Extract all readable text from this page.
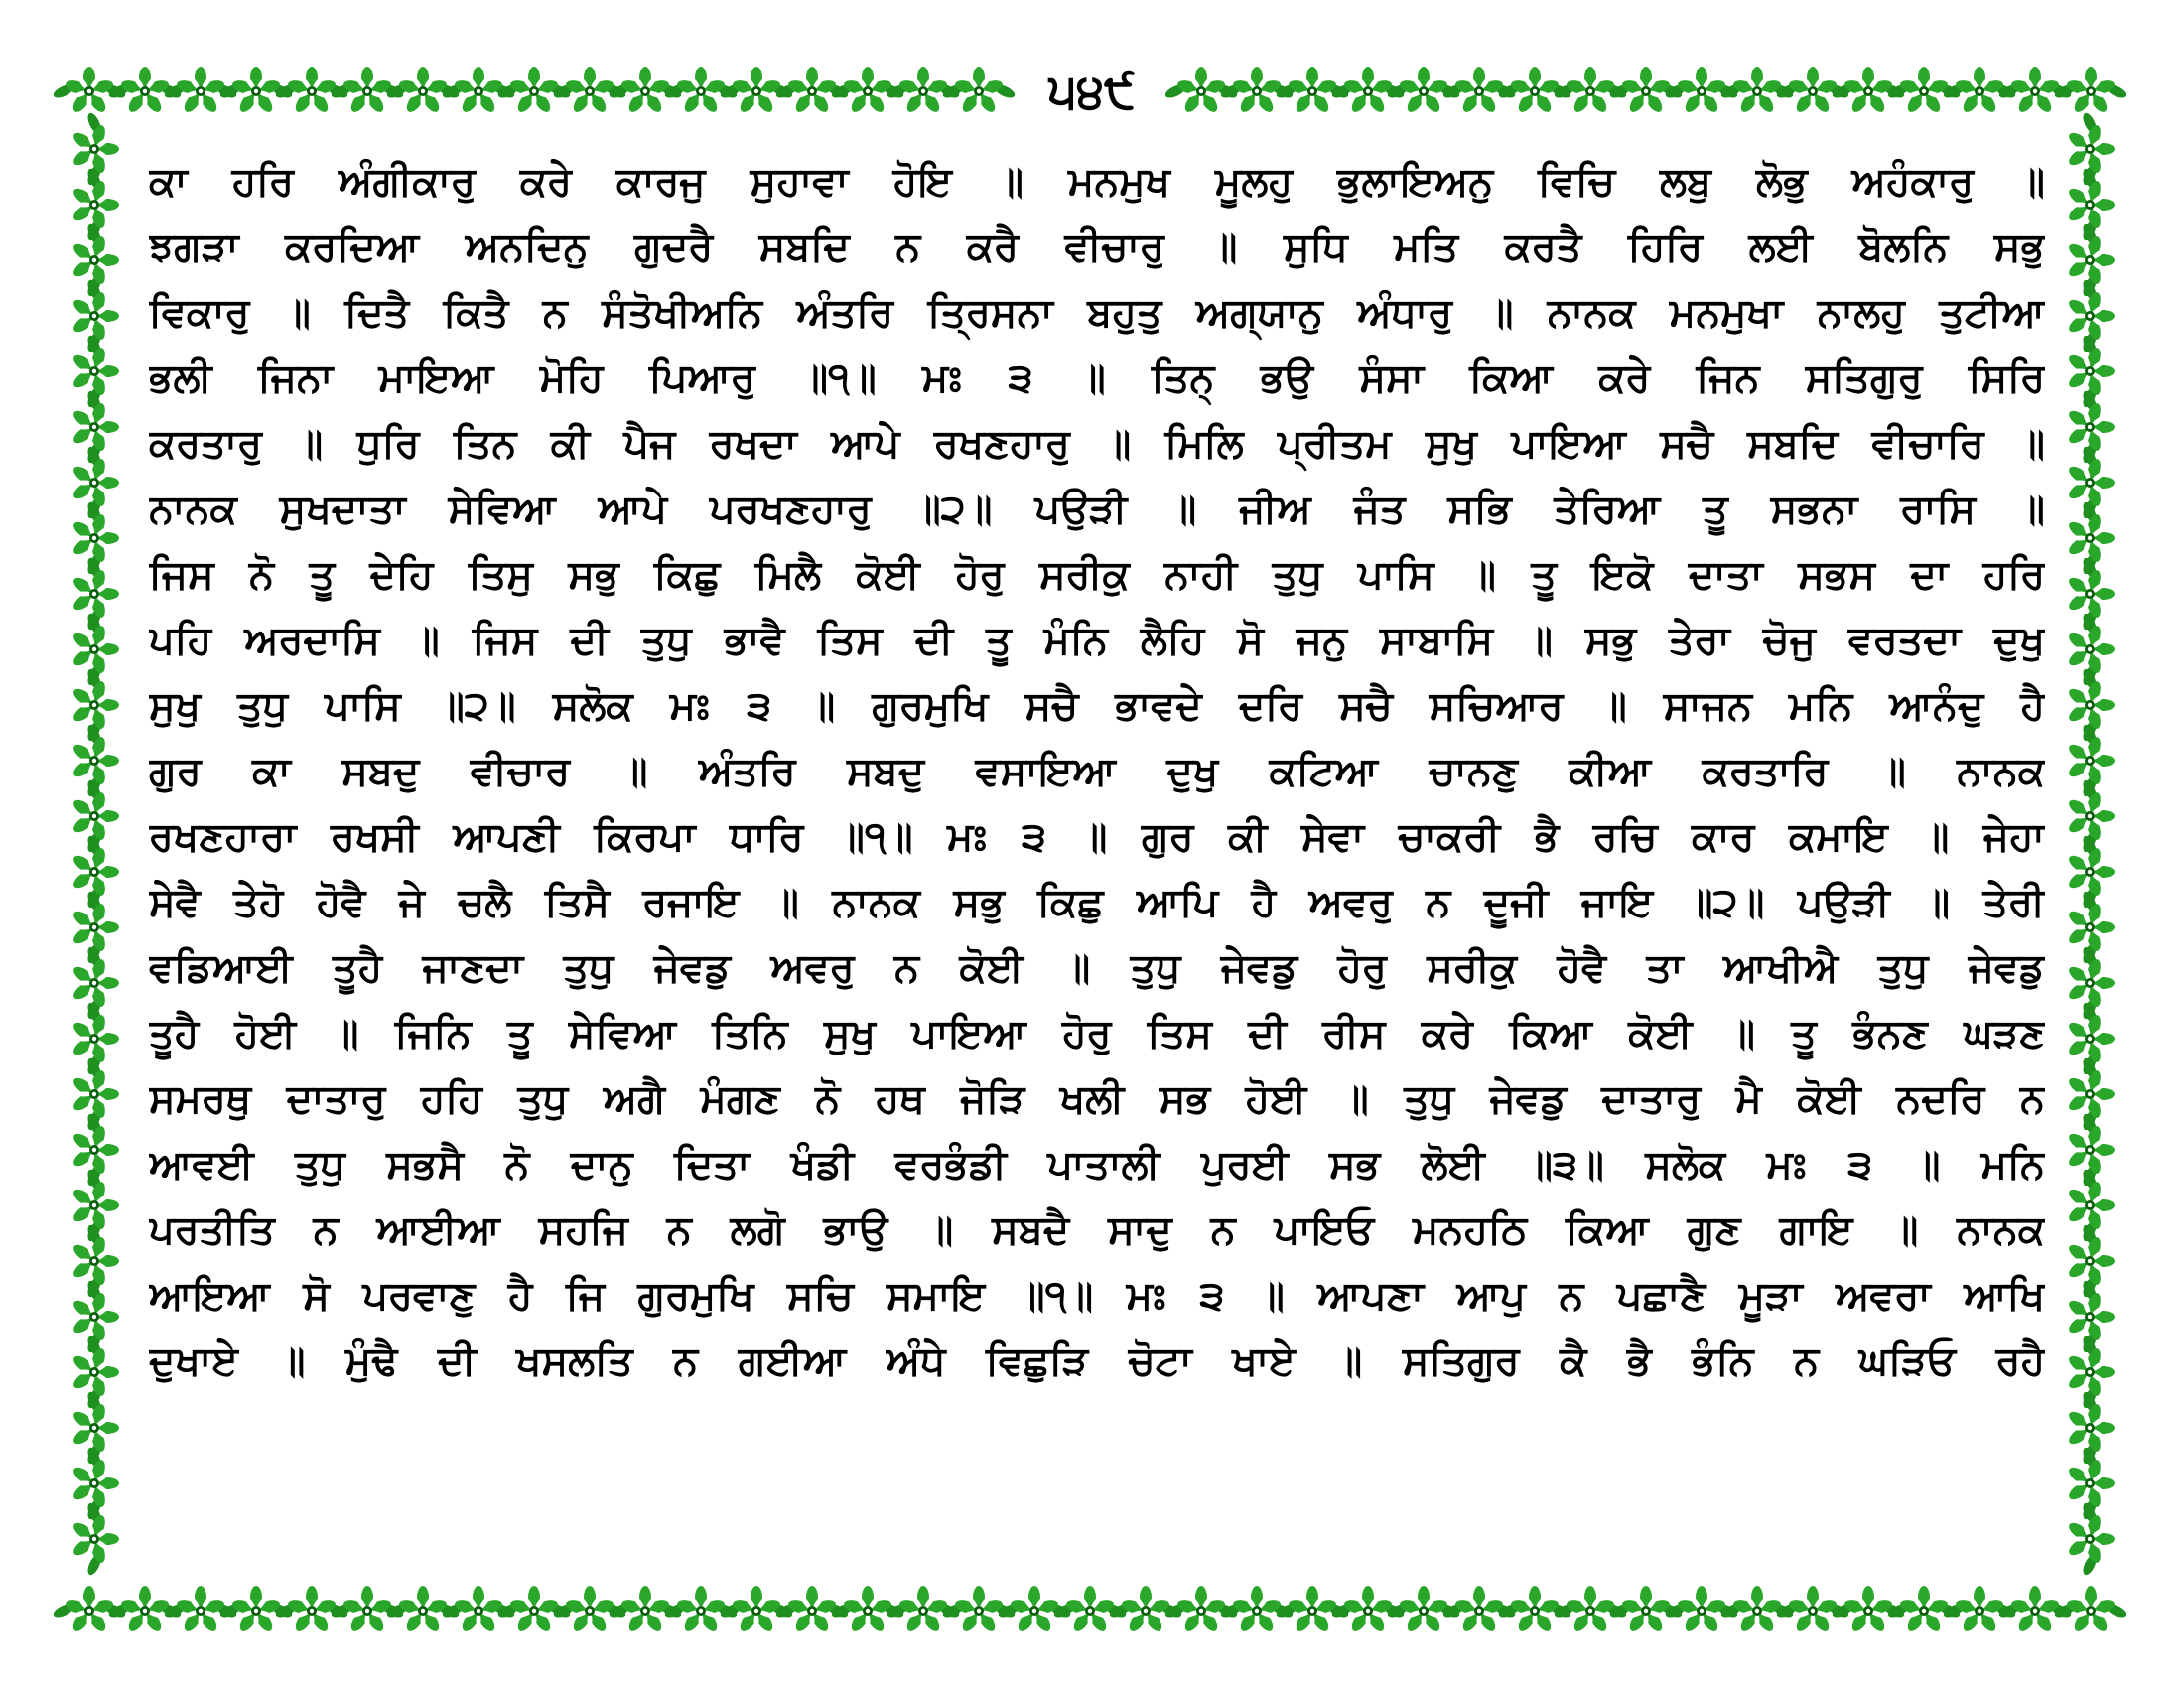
੫੪੯
ਕਾ ਹਰਿ ਅੰਗੀਕਾਰੁ ਕਰੇ ਕਾਰਜੁ ਸੁਹਾਵਾ ਹੋਇ ॥ ਮਨਮੁਖ ਮੂਲਹੁ ਭੁਲਾਇਅਨੁ ਵਿਚਿ ਲਬੁ ਲੋਭੁ ਅਹੰਕਾਰੁ ॥
ਝਗੜਾ ਕਰਦਿਆ ਅਨਦਿਨੁ ਗੁਦਰੈ ਸਬਦਿ ਨ ਕਰੈ ਵੀਚਾਰੁ ॥ ਸੁਧਿ ਮਤਿ ਕਰਤੈ ਹਿਰਿ ਲਈ ਬੋਲਨਿ ਸਭੁ
ਵਿਕਾਰੁ ॥ ਦਿਤੈ ਕਿਤੈ ਨ ਸੰਤੋਖੀਅਨਿ ਅੰਤਰਿ ਤ੍ਰਿਸਨਾ ਬਹੁਤੁ ਅਗ੍ਯਾਨੁ ਅੰਧਾਰੁ ॥ ਨਾਨਕ ਮਨਮੁਖਾ ਨਾਲਹੁ ਤੁਟੀਆ
ਭਲੀ ਜਿਨਾ ਮਾਇਆ ਮੋਹਿ ਪਿਆਰੁ ॥੧॥ ਮਃ ੩ ॥ ਤਿਨ੍ ਭਉ ਸੰਸਾ ਕਿਆ ਕਰੇ ਜਿਨ ਸਤਿਗੁਰੁ ਸਿਰਿ
ਕਰਤਾਰੁ ॥ ਧੁਰਿ ਤਿਨ ਕੀ ਪੈਜ ਰਖਦਾ ਆਪੇ ਰਖਣਹਾਰੁ ॥ ਮਿਲਿ ਪ੍ਰੀਤਮ ਸੁਖੁ ਪਾਇਆ ਸਚੈ ਸਬਦਿ ਵੀਚਾਰਿ ॥
ਨਾਨਕ ਸੁਖਦਾਤਾ ਸੇਵਿਆ ਆਪੇ ਪਰਖਣਹਾਰੁ ॥੨॥ ਪਉੜੀ ॥ ਜੀਅ ਜੰਤ ਸਭਿ ਤੇਰਿਆ ਤੂ ਸਭਨਾ ਰਾਸਿ ॥
ਜਿਸ ਨੋ ਤੂ ਦੇਹਿ ਤਿਸੁ ਸਭੁ ਕਿਛੁ ਮਿਲੈ ਕੋਈ ਹੋਰੁ ਸਰੀਕੁ ਨਾਹੀ ਤੁਧੁ ਪਾਸਿ ॥ ਤੂ ਇਕੋ ਦਾਤਾ ਸਭਸ ਦਾ ਹਰਿ
ਪਹਿ ਅਰਦਾਸਿ ॥ ਜਿਸ ਦੀ ਤੁਧੁ ਭਾਵੈ ਤਿਸ ਦੀ ਤੂ ਮੰਨਿ ਲੈਹਿ ਸੋ ਜਨੁ ਸਾਬਾਸਿ ॥ ਸਭੁ ਤੇਰਾ ਚੋਜੁ ਵਰਤਦਾ ਦੁਖੁ
ਸੁਖੁ ਤੁਧੁ ਪਾਸਿ ॥੨॥ ਸਲੋਕ ਮਃ ੩ ॥ ਗੁਰਮੁਖਿ ਸਚੈ ਭਾਵਦੇ ਦਰਿ ਸਚੈ ਸਚਿਆਰ ॥ ਸਾਜਨ ਮਨਿ ਆਨੰਦੁ ਹੈ
ਗੁਰ ਕਾ ਸਬਦੁ ਵੀਚਾਰ ॥ ਅੰਤਰਿ ਸਬਦੁ ਵਸਾਇਆ ਦੁਖੁ ਕਟਿਆ ਚਾਨਣੁ ਕੀਆ ਕਰਤਾਰਿ ॥ ਨਾਨਕ
ਰਖਣਹਾਰਾ ਰਖਸੀ ਆਪਣੀ ਕਿਰਪਾ ਧਾਰਿ ॥੧॥ ਮਃ ੩ ॥ ਗੁਰ ਕੀ ਸੇਵਾ ਚਾਕਰੀ ਭੈ ਰਚਿ ਕਾਰ ਕਮਾਇ ॥ ਜੇਹਾ
ਸੇਵੈ ਤੇਹੋ ਹੋਵੈ ਜੇ ਚਲੈ ਤਿਸੈ ਰਜਾਇ ॥ ਨਾਨਕ ਸਭੁ ਕਿਛੁ ਆਪਿ ਹੈ ਅਵਰੁ ਨ ਦੂਜੀ ਜਾਇ ॥੨॥ ਪਉੜੀ ॥ ਤੇਰੀ
ਵਡਿਆਈ ਤੂਹੈ ਜਾਣਦਾ ਤੁਧੁ ਜੇਵਡੁ ਅਵਰੁ ਨ ਕੋਈ ॥ ਤੁਧੁ ਜੇਵਡੁ ਹੋਰੁ ਸਰੀਕੁ ਹੋਵੈ ਤਾ ਆਖੀਐ ਤੁਧੁ ਜੇਵਡੁ
ਤੂਹੈ ਹੋਈ ॥ ਜਿਨਿ ਤੂ ਸੇਵਿਆ ਤਿਨਿ ਸੁਖੁ ਪਾਇਆ ਹੋਰੁ ਤਿਸ ਦੀ ਰੀਸ ਕਰੇ ਕਿਆ ਕੋਈ ॥ ਤੂ ਭੰਨਣ ਘੜਣ
ਸਮਰਥੁ ਦਾਤਾਰੁ ਹਹਿ ਤੁਧੁ ਅਗੈ ਮੰਗਣ ਨੋ ਹਥ ਜੋੜਿ ਖਲੀ ਸਭ ਹੋਈ ॥ ਤੁਧੁ ਜੇਵਡੁ ਦਾਤਾਰੁ ਮੈ ਕੋਈ ਨਦਰਿ ਨ
ਆਵਈ ਤੁਧੁ ਸਭਸੈ ਨੋ ਦਾਨੁ ਦਿਤਾ ਖੰਡੀ ਵਰਭੰਡੀ ਪਾਤਾਲੀ ਪੁਰਈ ਸਭ ਲੋਈ ॥੩॥ ਸਲੋਕ ਮਃ ੩ ॥ ਮਨਿ
ਪਰਤੀਤਿ ਨ ਆਈਆ ਸਹਜਿ ਨ ਲਗੋ ਭਾਉ ॥ ਸਬਦੈ ਸਾਦੁ ਨ ਪਾਇਓ ਮਨਹਠਿ ਕਿਆ ਗੁਣ ਗਾਇ ॥ ਨਾਨਕ
ਆਇਆ ਸੋ ਪਰਵਾਣੁ ਹੈ ਜਿ ਗੁਰਮੁਖਿ ਸਚਿ ਸਮਾਇ ॥੧॥ ਮਃ ੩ ॥ ਆਪਣਾ ਆਪੁ ਨ ਪਛਾਣੈ ਮੂੜਾ ਅਵਰਾ ਆਖਿ
ਦੁਖਾਏ ॥ ਮੁੰਢੈ ਦੀ ਖਸਲਤਿ ਨ ਗਈਆ ਅੰਧੇ ਵਿਛੁੜਿ ਚੋਟਾ ਖਾਏ ॥ ਸਤਿਗੁਰ ਕੈ ਭੈ ਭੰਨਿ ਨ ਘੜਿਓ ਰਹੈ
